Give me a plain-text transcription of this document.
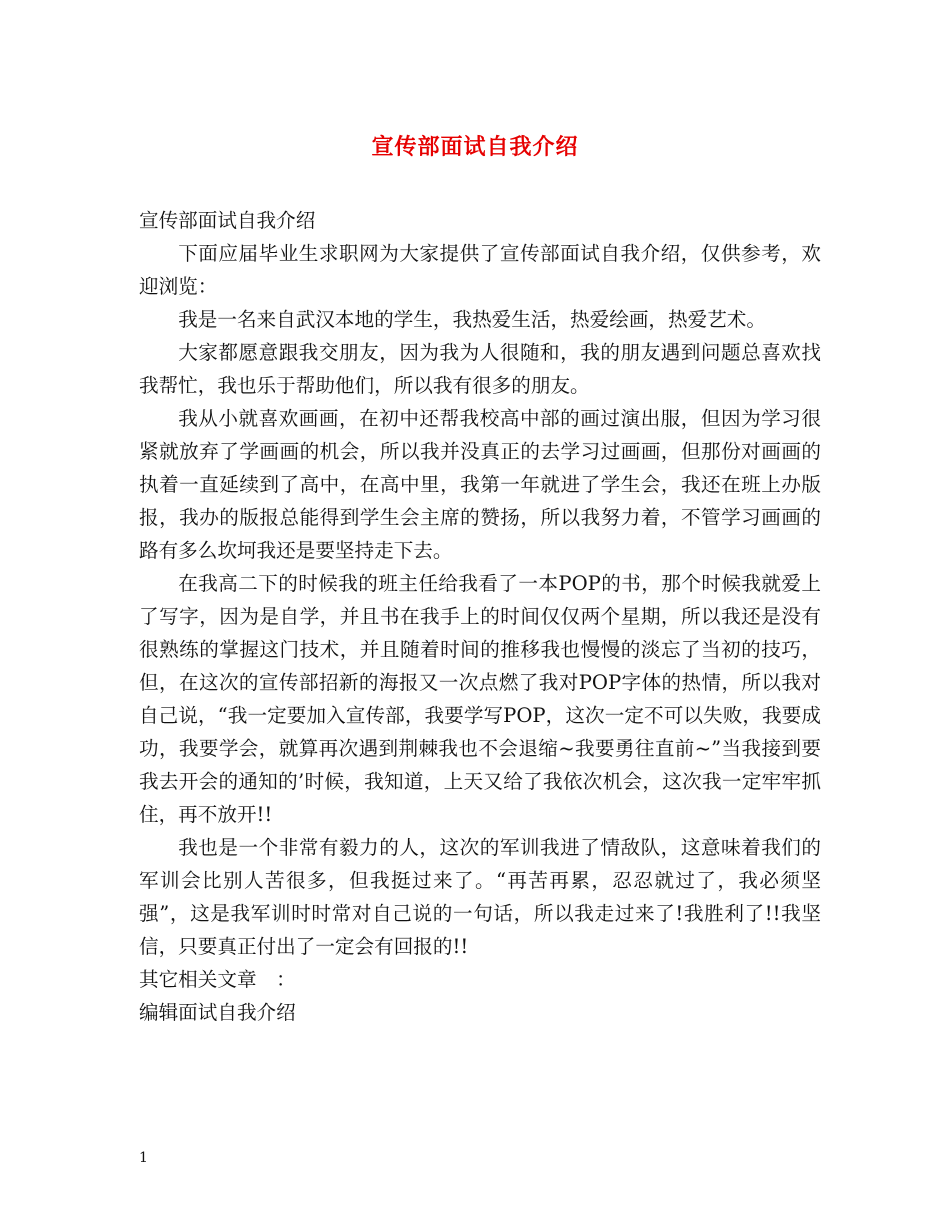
宣传部面试自我介绍

宣传部面试自我介绍

下面应届毕业生求职网为大家提供了宣传部面试自我介绍，仅供参考，欢迎浏览：

我是一名来自武汉本地的学生，我热爱生活，热爱绘画，热爱艺术。

大家都愿意跟我交朋友，因为我为人很随和，我的朋友遇到问题总喜欢找我帮忙，我也乐于帮助他们，所以我有很多的朋友。

我从小就喜欢画画，在初中还帮我校高中部的画过演出服，但因为学习很紧就放弃了学画画的机会，所以我并没真正的去学习过画画，但那份对画画的执着一直延续到了高中，在高中里，我第一年就进了学生会，我还在班上办版报，我办的版报总能得到学生会主席的赞扬，所以我努力着，不管学习画画的路有多么坎坷我还是要坚持走下去。

在我高二下的时候我的班主任给我看了一本POP的书，那个时候我就爱上了写字，因为是自学，并且书在我手上的时间仅仅两个星期，所以我还是没有很熟练的掌握这门技术，并且随着时间的推移我也慢慢的淡忘了当初的技巧，但，在这次的宣传部招新的海报又一次点燃了我对POP字体的热情，所以我对自己说，“我一定要加入宣传部，我要学写POP，这次一定不可以失败，我要成功，我要学会，就算再次遇到荆棘我也不会退缩~我要勇往直前~”当我接到要我去开会的通知的’时候，我知道，上天又给了我依次机会，这次我一定牢牢抓住，再不放开!!

我也是一个非常有毅力的人，这次的军训我进了情敌队，这意味着我们的军训会比别人苦很多，但我挺过来了。“再苦再累，忍忍就过了，我必须坚强”，这是我军训时时常对自己说的一句话，所以我走过来了!我胜利了!!我坚信，只要真正付出了一定会有回报的!!

其它相关文章　：

编辑面试自我介绍

1
